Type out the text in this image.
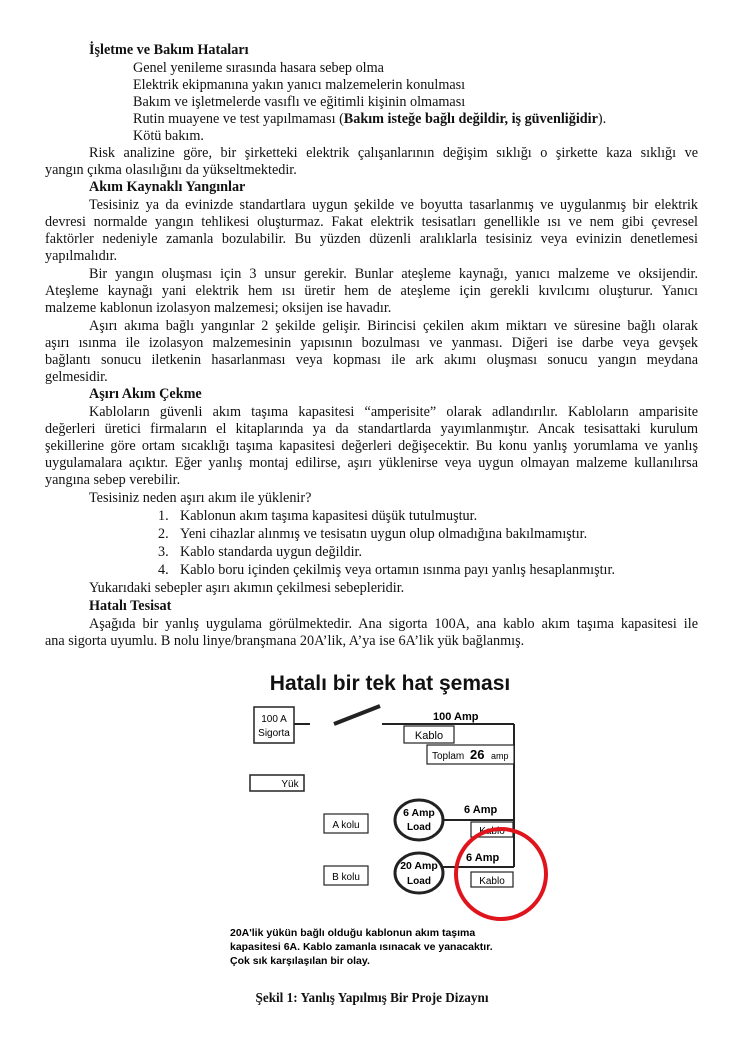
İşletme ve Bakım Hataları
Genel yenileme sırasında hasara sebep olma
Elektrik ekipmanına yakın yanıcı malzemelerin konulması
Bakım ve işletmelerde vasıflı ve eğitimli kişinin olmaması
Rutin muayene ve test yapılmaması (Bakım isteğe bağlı değildir, iş güvenliğidir).
Kötü bakım.
Risk analizine göre, bir şirketteki elektrik çalışanlarının değişim sıklığı o şirkette kaza sıklığı ve
yangın çıkma olasılığını da yükseltmektedir.
Akım Kaynaklı Yangınlar
Tesisiniz ya da evinizde standartlara uygun şekilde ve boyutta tasarlanmış ve uygulanmış bir elektrik
devresi normalde yangın tehlikesi oluşturmaz. Fakat elektrik tesisatları genellikle ısı ve nem gibi çevresel
faktörler nedeniyle zamanla bozulabilir. Bu yüzden düzenli aralıklarla tesisiniz veya evinizin denetlemesi
yapılmalıdır.
Bir yangın oluşması için 3 unsur gerekir. Bunlar ateşleme kaynağı, yanıcı malzeme ve oksijendir.
Ateşleme kaynağı yani elektrik hem ısı üretir hem de ateşleme için gerekli kıvılcımı oluşturur. Yanıcı
malzeme kablonun izolasyon malzemesi; oksijen ise havadır.
Aşırı akıma bağlı yangınlar 2 şekilde gelişir. Birincisi çekilen akım miktarı ve süresine bağlı olarak
aşırı ısınma ile izolasyon malzemesinin yapısının bozulması ve yanması. Diğeri ise darbe veya gevşek
bağlantı sonucu iletkenin hasarlanması veya kopması ile ark akımı oluşması sonucu yangın meydana
gelmesidir.
Aşırı Akım Çekme
Kabloların güvenli akım taşıma kapasitesi “amperisite” olarak adlandırılır. Kabloların amparisite
değerleri üretici firmaların el kitaplarında ya da standartlarda yayımlanmıştır. Ancak tesisattaki kurulum
şekillerine göre ortam sıcaklığı taşıma kapasitesi değerleri değişecektir. Bu konu yanlış yorumlama ve yanlış
uygulamalara açıktır. Eğer yanlış montaj edilirse, aşırı yüklenirse veya uygun olmayan malzeme kullanılırsa
yangına sebep verebilir.
Tesisiniz neden aşırı akım ile yüklenir?
1. Kablonun akım taşıma kapasitesi düşük tutulmuştur.
2. Yeni cihazlar alınmış ve tesisatın uygun olup olmadığına bakılmamıştır.
3. Kablo standarda uygun değildir.
4. Kablo boru içinden çekilmiş veya ortamın ısınma payı yanlış hesaplanmıştır.
Yukarıdaki sebepler aşırı akımın çekilmesi sebepleridir.
Hatalı Tesisat
Aşağıda bir yanlış uygulama görülmektedir. Ana sigorta 100A, ana kablo akım taşıma kapasitesi ile
ana sigorta uyumlu. B nolu linye/branşmana 20A’lik, A’ya ise 6A’lik yük bağlanmış.
Hatalı bir tek hat şeması
100 A
Sigorta
100 Amp
Kablo
Toplam 26 amp
Yük
A kolu
6 Amp
Load
6 Amp
Kablo
B kolu
20 Amp
Load
6 Amp
Kablo
20A'lik yükün bağlı olduğu kablonun akım taşıma
kapasitesi 6A. Kablo zamanla ısınacak ve yanacaktır.
Çok sık karşılaşılan bir olay.
Şekil 1: Yanlış Yapılmış Bir Proje Dizaynı
